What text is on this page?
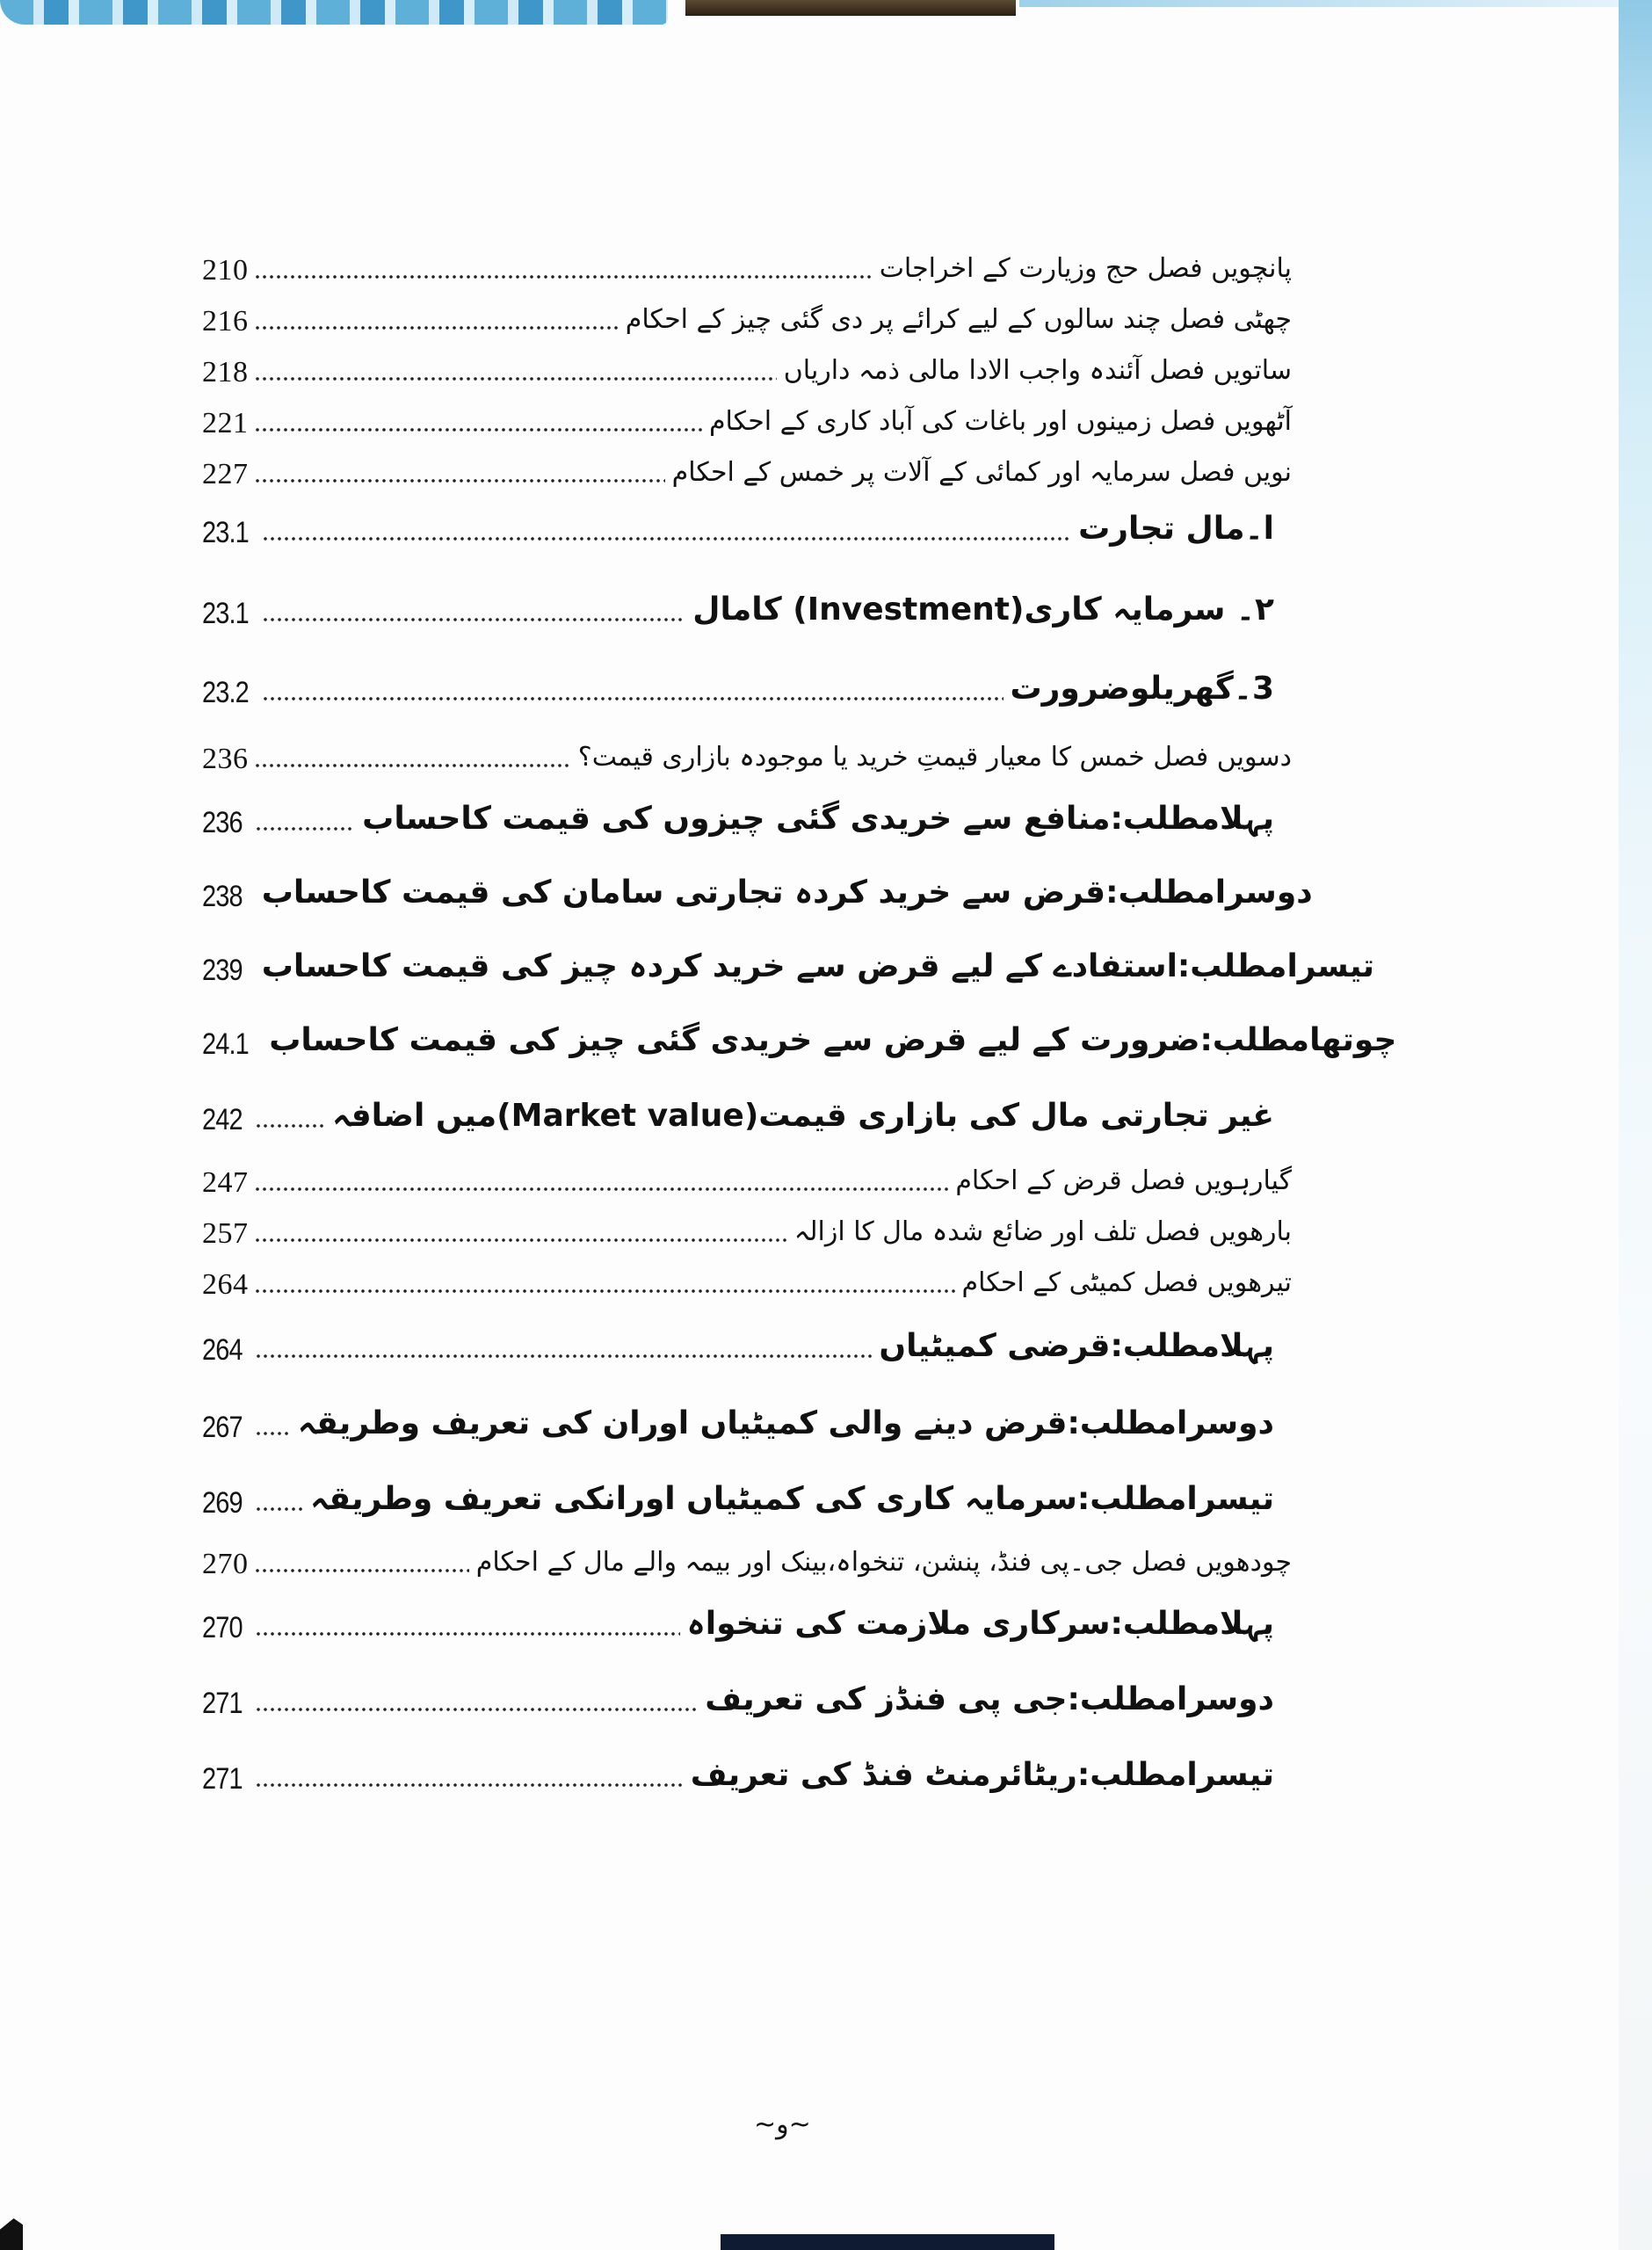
210	پانچویں فصل حج وزیارت کے اخراجات
216	چھٹی فصل چند سالوں کے لیے کرائے پر دی گئی چیز کے احکام
218	ساتویں فصل آئندہ واجب الادا مالی ذمہ داریاں
221	آٹھویں فصل زمینوں اور باغات کی آباد کاری کے احکام
227	نویں فصل سرمایہ اور کمائی کے آلات پر خمس کے احکام
23.1	ا۔مال تجارت
23.1	۲۔ سرمایہ کاری(Investment) کامال
23.2	3۔گھریلوضرورت
236	دسویں فصل خمس کا معیار قیمتِ خرید یا موجودہ بازاری قیمت؟
236	پہلامطلب:منافع سے خریدی گئی چیزوں کی قیمت کاحساب
238 دوسرامطلب:قرض سے خرید کردہ تجارتی سامان کی قیمت کاحساب
239 تیسرامطلب:استفادے کے لیے قرض سے خرید کردہ چیز کی قیمت کاحساب
24.1 چوتھامطلب:ضرورت کے لیے قرض سے خریدی گئی چیز کی قیمت کاحساب
242	غیر تجارتی مال کی بازاری قیمت(Market value)میں اضافہ
247	گیارہویں فصل قرض کے احکام
257	بارھویں فصل تلف اور ضائع شدہ مال کا ازالہ
264	تیرھویں فصل کمیٹی کے احکام
264	پہلامطلب:قرضی کمیٹیاں
267 دوسرامطلب:قرض دینے والی کمیٹیاں اوران کی تعریف وطریقہ
269 تیسرامطلب:سرمایہ کاری کی کمیٹیاں اورانکی تعریف وطریقہ
270	چودھویں فصل جی۔پی فنڈ، پنشن، تنخواہ،بینک اور بیمہ والے مال کے احکام
270	پہلامطلب:سرکاری ملازمت کی تنخواہ
271	دوسرامطلب:جی پی فنڈز کی تعریف
271	تیسرامطلب:ریٹائرمنٹ فنڈ کی تعریف
~و~
